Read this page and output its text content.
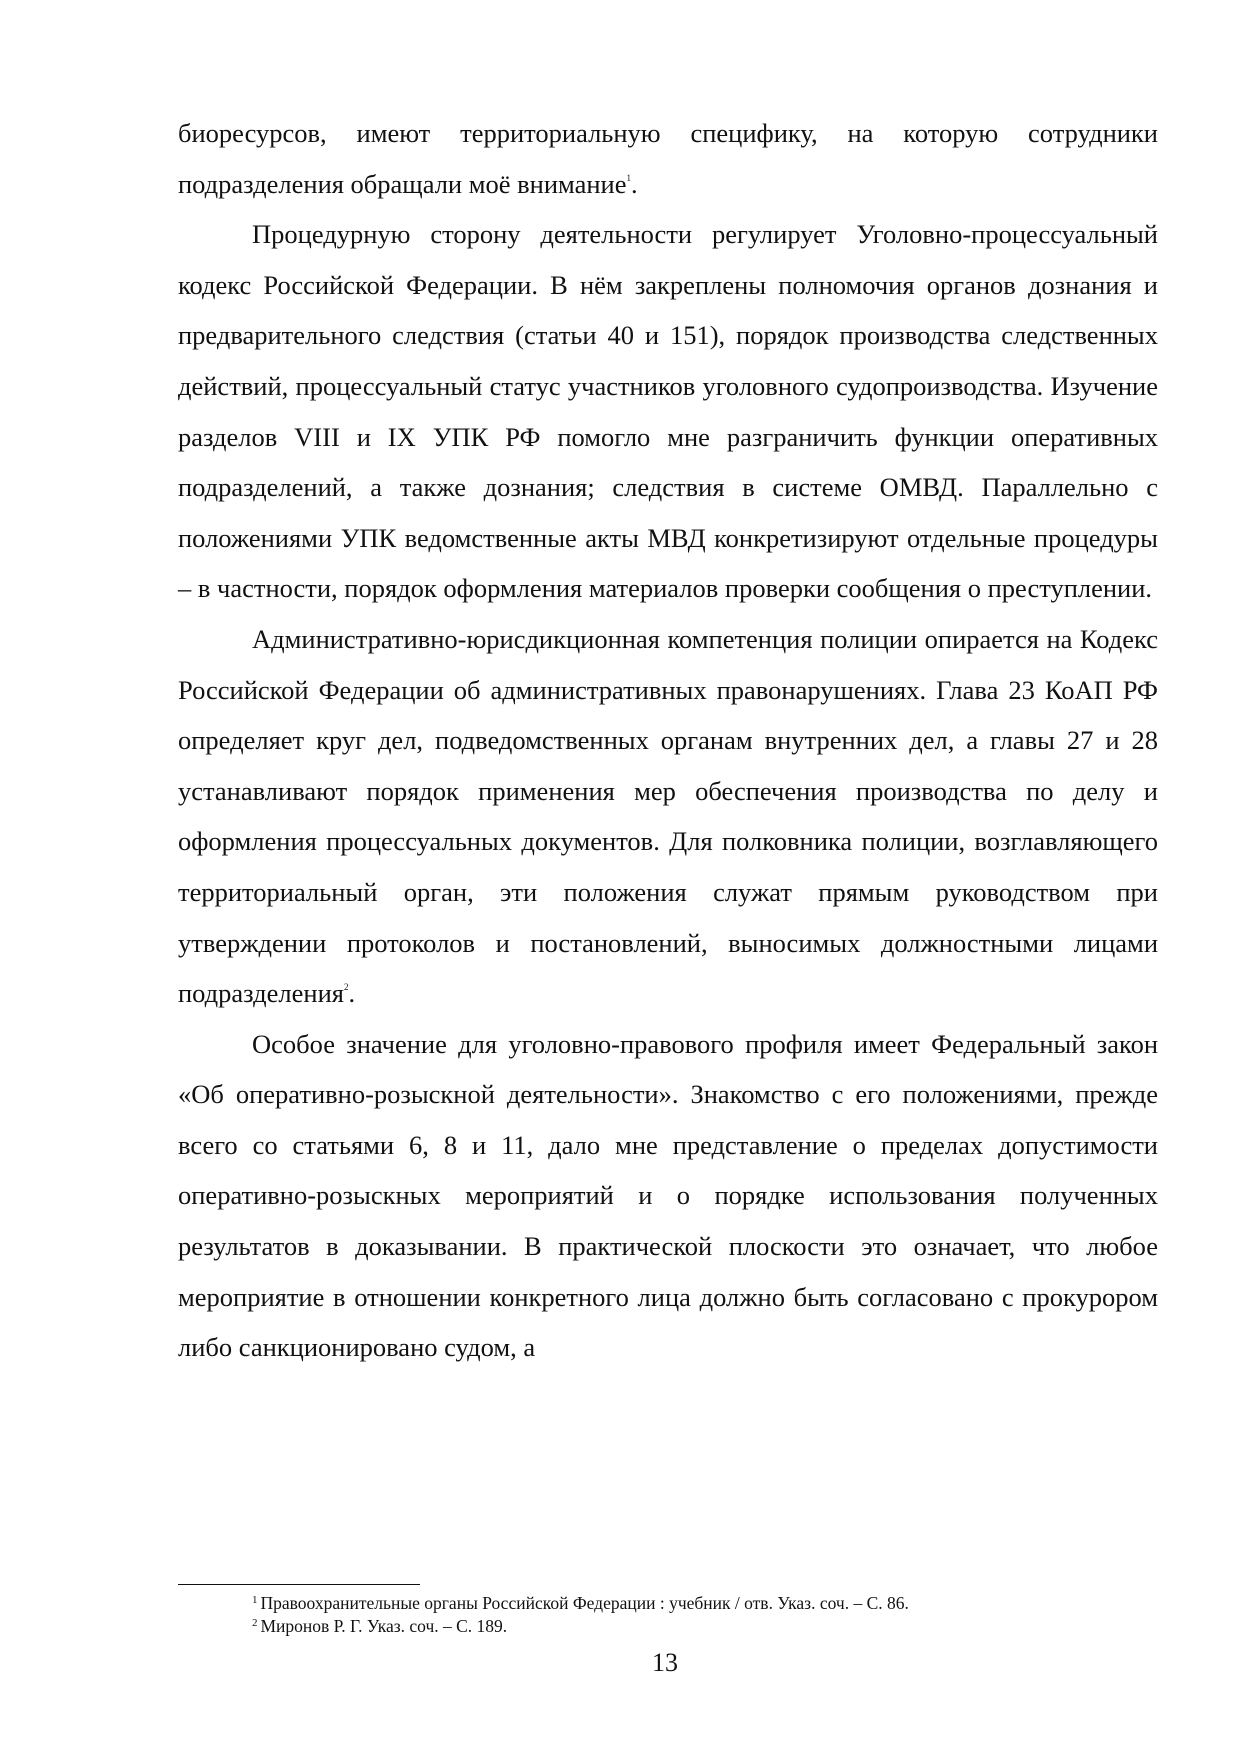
биоресурсов, имеют территориальную специфику, на которую сотрудники подразделения обращали моё внимание$^1$.

Процедурную сторону деятельности регулирует Уголовно-процессуальный кодекс Российской Федерации. В нём закреплены полномочия органов дознания и предварительного следствия (статьи 40 и 151), порядок производства следственных действий, процессуальный статус участников уголовного судопроизводства. Изучение разделов VIII и IX УПК РФ помогло мне разграничить функции оперативных подразделений, а также дознания; следствия в системе ОМВД. Параллельно с положениями УПК ведомственные акты МВД конкретизируют отдельные процедуры – в частности, порядок оформления материалов проверки сообщения о преступлении.

Административно-юрисдикционная компетенция полиции опирается на Кодекс Российской Федерации об административных правонарушениях. Глава 23 КоАП РФ определяет круг дел, подведомственных органам внутренних дел, а главы 27 и 28 устанавливают порядок применения мер обеспечения производства по делу и оформления процессуальных документов. Для полковника полиции, возглавляющего территориальный орган, эти положения служат прямым руководством при утверждении протоколов и постановлений, выносимых должностными лицами подразделения$^2$.

Особое значение для уголовно-правового профиля имеет Федеральный закон «Об оперативно-розыскной деятельности». Знакомство с его положениями, прежде всего со статьями 6, 8 и 11, дало мне представление о пределах допустимости оперативно-розыскных мероприятий и о порядке использования полученных результатов в доказывании. В практической плоскости это означает, что любое мероприятие в отношении конкретного лица должно быть согласовано с прокурором либо санкционировано судом, а

$^1$ Правоохранительные органы Российской Федерации : учебник / отв. Указ. соч. – С. 86.
$^2$ Миронов Р. Г. Указ. соч. – С. 189.
13
